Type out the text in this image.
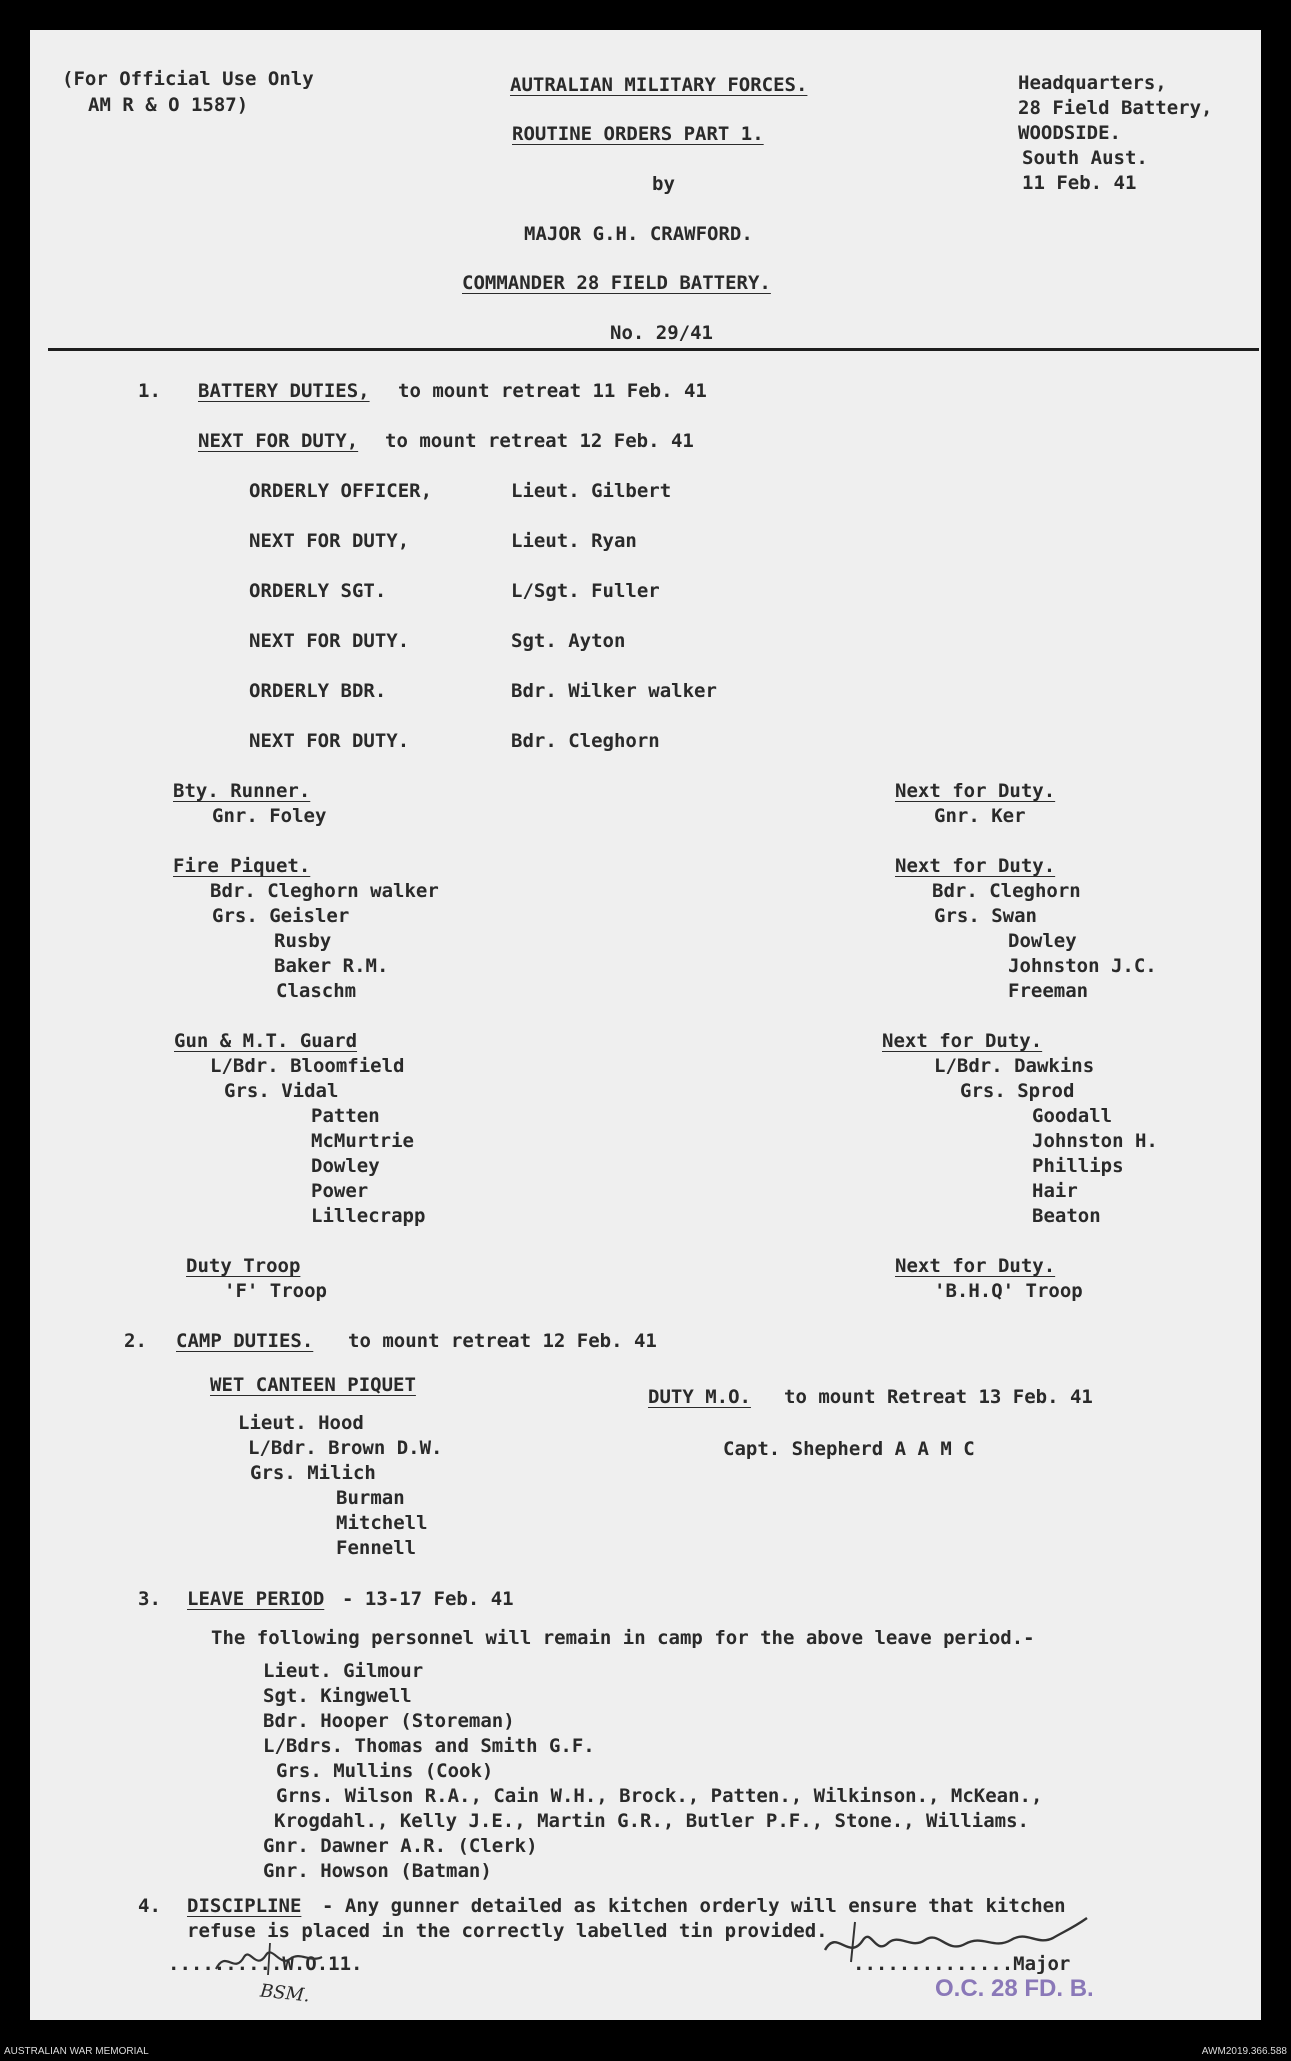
(For Official Use Only
AM R & O 1587)
AUTRALIAN MILITARY FORCES.
ROUTINE ORDERS PART 1.
by
MAJOR G.H. CRAWFORD.
COMMANDER 28 FIELD BATTERY.
No. 29/41
Headquarters,
28 Field Battery,
WOODSIDE.
South Aust.
11 Feb. 41
1. BATTERY DUTIES, to mount retreat 11 Feb. 41
NEXT FOR DUTY, to mount retreat 12 Feb. 41
ORDERLY OFFICER,	Lieut. Gilbert
NEXT FOR DUTY,	Lieut. Ryan
ORDERLY SGT.	L/Sgt. Fuller
NEXT FOR DUTY.	Sgt. Ayton
ORDERLY BDR.	Bdr. Wilker walker
NEXT FOR DUTY.	Bdr. Cleghorn
Bty. Runner.
Gnr. Foley
Next for Duty.
Gnr. Ker
Fire Piquet.
Bdr. Cleghorn walker
Grs. Geisler
Rusby
Baker R.M.
Claschm
Next for Duty.
Bdr. Cleghorn
Grs. Swan
Dowley
Johnston J.C.
Freeman
Gun & M.T. Guard
L/Bdr. Bloomfield
Grs. Vidal
Patten
McMurtrie
Dowley
Power
Lillecrapp
Next for Duty.
L/Bdr. Dawkins
Grs. Sprod
Goodall
Johnston H.
Phillips
Hair
Beaton
Duty Troop
'F' Troop
Next for Duty.
'B.H.Q' Troop
2. CAMP DUTIES. to mount retreat 12 Feb. 41
WET CANTEEN PIQUET
Lieut. Hood
L/Bdr. Brown D.W.
Grs. Milich
Burman
Mitchell
Fennell
DUTY M.O. to mount Retreat 13 Feb. 41
Capt. Shepherd A A M C
3. LEAVE PERIOD - 13-17 Feb. 41
The following personnel will remain in camp for the above leave period.-
Lieut. Gilmour
Sgt. Kingwell
Bdr. Hooper (Storeman)
L/Bdrs. Thomas and Smith G.F.
Grs. Mullins (Cook)
Grns. Wilson R.A., Cain W.H., Brock., Patten., Wilkinson., McKean.,
Krogdahl., Kelly J.E., Martin G.R., Butler P.F., Stone., Williams.
Gnr. Dawner A.R. (Clerk)
Gnr. Howson (Batman)
4. DISCIPLINE - Any gunner detailed as kitchen orderly will ensure that kitchen
refuse is placed in the correctly labelled tin provided.
..........W.O.11.
BSM.
..............Major
O.C. 28 FD. B.
AUSTRALIAN WAR MEMORIAL	AWM2019.366.588
